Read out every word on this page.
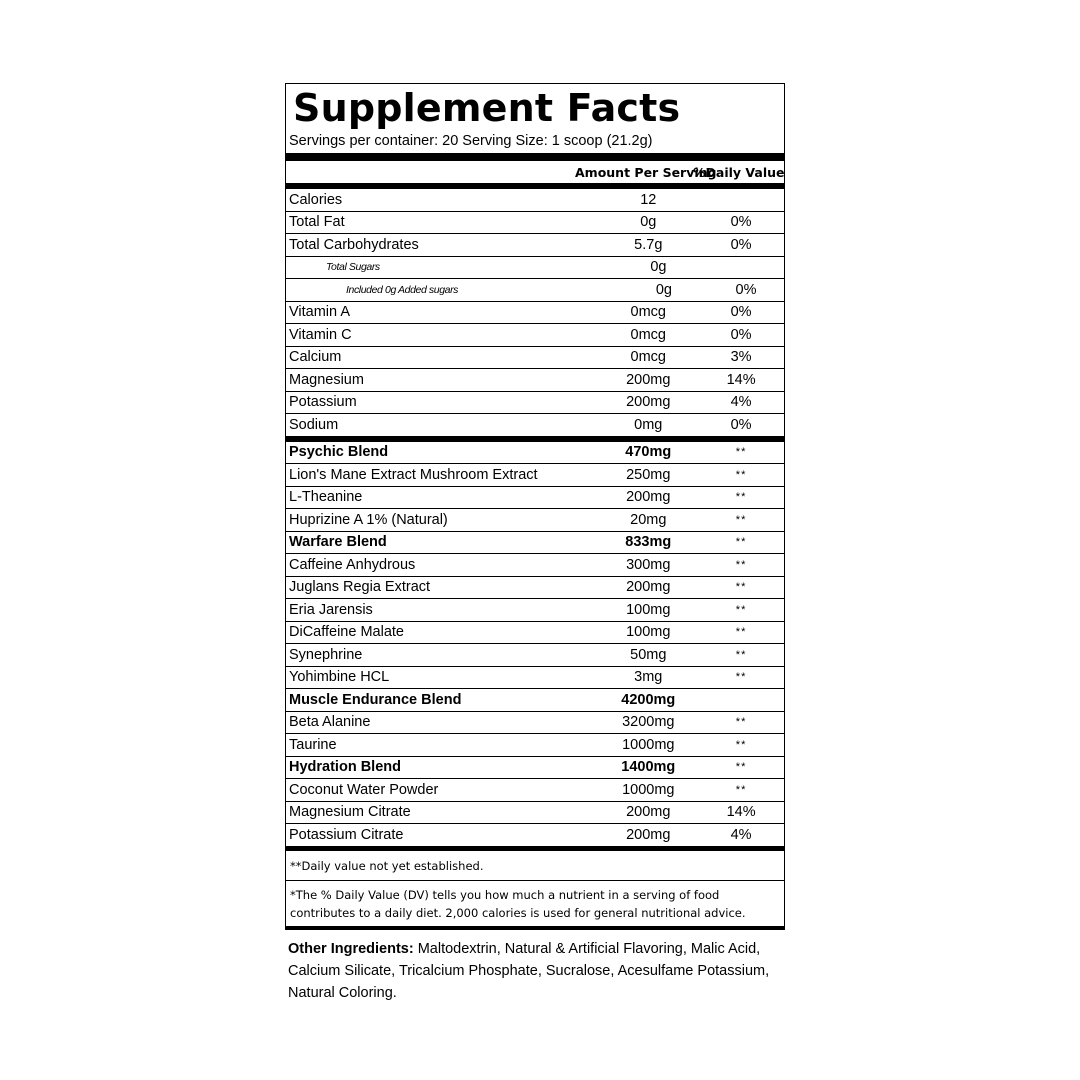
Supplement Facts
Servings per container: 20 Serving Size: 1 scoop (21.2g)
Amount Per Serving
%Daily Value
Calories	12
Total Fat	0g	0%
Total Carbohydrates	5.7g	0%
Total Sugars	0g
Included 0g Added sugars	0g	0%
Vitamin A	0mcg	0%
Vitamin C	0mcg	0%
Calcium	0mcg	3%
Magnesium	200mg	14%
Potassium	200mg	4%
Sodium	0mg	0%
Psychic Blend	470mg	**
Lion's Mane Extract Mushroom Extract	250mg	**
L-Theanine	200mg	**
Huprizine A 1% (Natural)	20mg	**
Warfare Blend	833mg	**
Caffeine Anhydrous	300mg	**
Juglans Regia Extract	200mg	**
Eria Jarensis	100mg	**
DiCaffeine Malate	100mg	**
Synephrine	50mg	**
Yohimbine HCL	3mg	**
Muscle Endurance Blend	4200mg
Beta Alanine	3200mg	**
Taurine	1000mg	**
Hydration Blend	1400mg	**
Coconut Water Powder	1000mg	**
Magnesium Citrate	200mg	14%
Potassium Citrate	200mg	4%
**Daily value not yet established.
*The % Daily Value (DV) tells you how much a nutrient in a serving of food
contributes to a daily diet. 2,000 calories is used for general nutritional advice.
Other Ingredients: Maltodextrin, Natural & Artificial Flavoring, Malic Acid, Calcium Silicate, Tricalcium Phosphate, Sucralose, Acesulfame Potassium, Natural Coloring.
